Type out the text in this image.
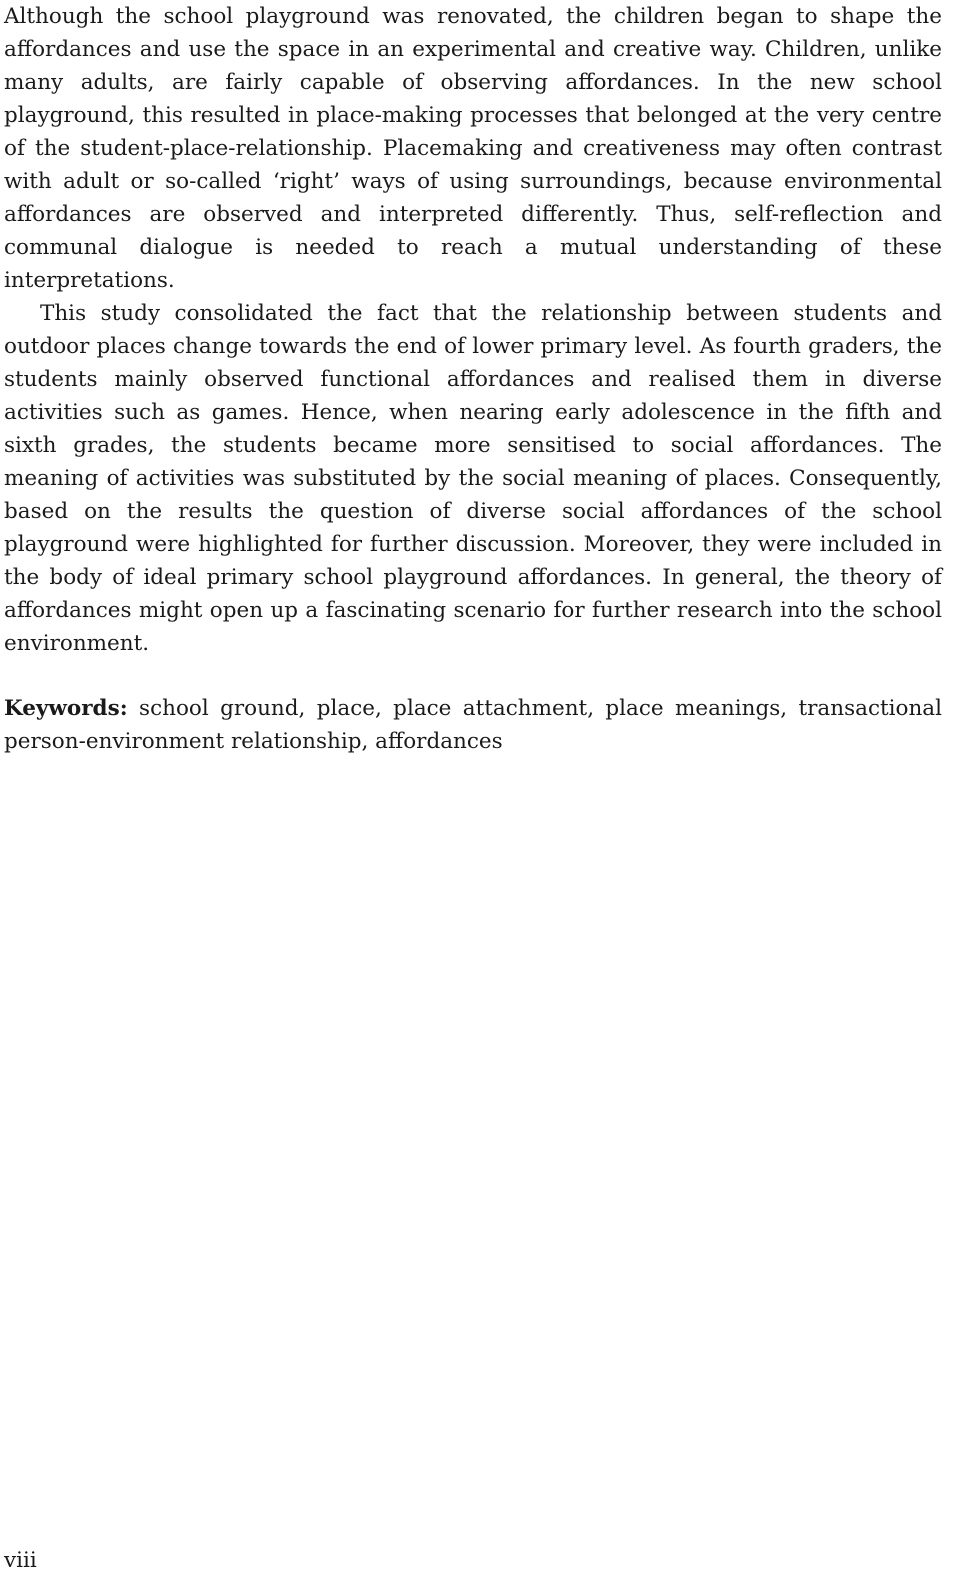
Although the school playground was renovated, the children began to shape the affordances and use the space in an experimental and creative way. Children, unlike many adults, are fairly capable of observing affordances. In the new school playground, this resulted in place-making processes that belonged at the very centre of the student-place-relationship. Placemaking and creativeness may often contrast with adult or so-called ‘right’ ways of using surroundings, because environmental affordances are observed and interpreted differently. Thus, self-reflection and communal dialogue is needed to reach a mutual understanding of these interpretations.

This study consolidated the fact that the relationship between students and outdoor places change towards the end of lower primary level. As fourth graders, the students mainly observed functional affordances and realised them in diverse activities such as games. Hence, when nearing early adolescence in the fifth and sixth grades, the students became more sensitised to social affordances. The meaning of activities was substituted by the social meaning of places. Consequently, based on the results the question of diverse social affordances of the school playground were highlighted for further discussion. Moreover, they were included in the body of ideal primary school playground affordances. In general, the theory of affordances might open up a fascinating scenario for further research into the school environment.

Keywords: school ground, place, place attachment, place meanings, transactional person-environment relationship, affordances

viii
